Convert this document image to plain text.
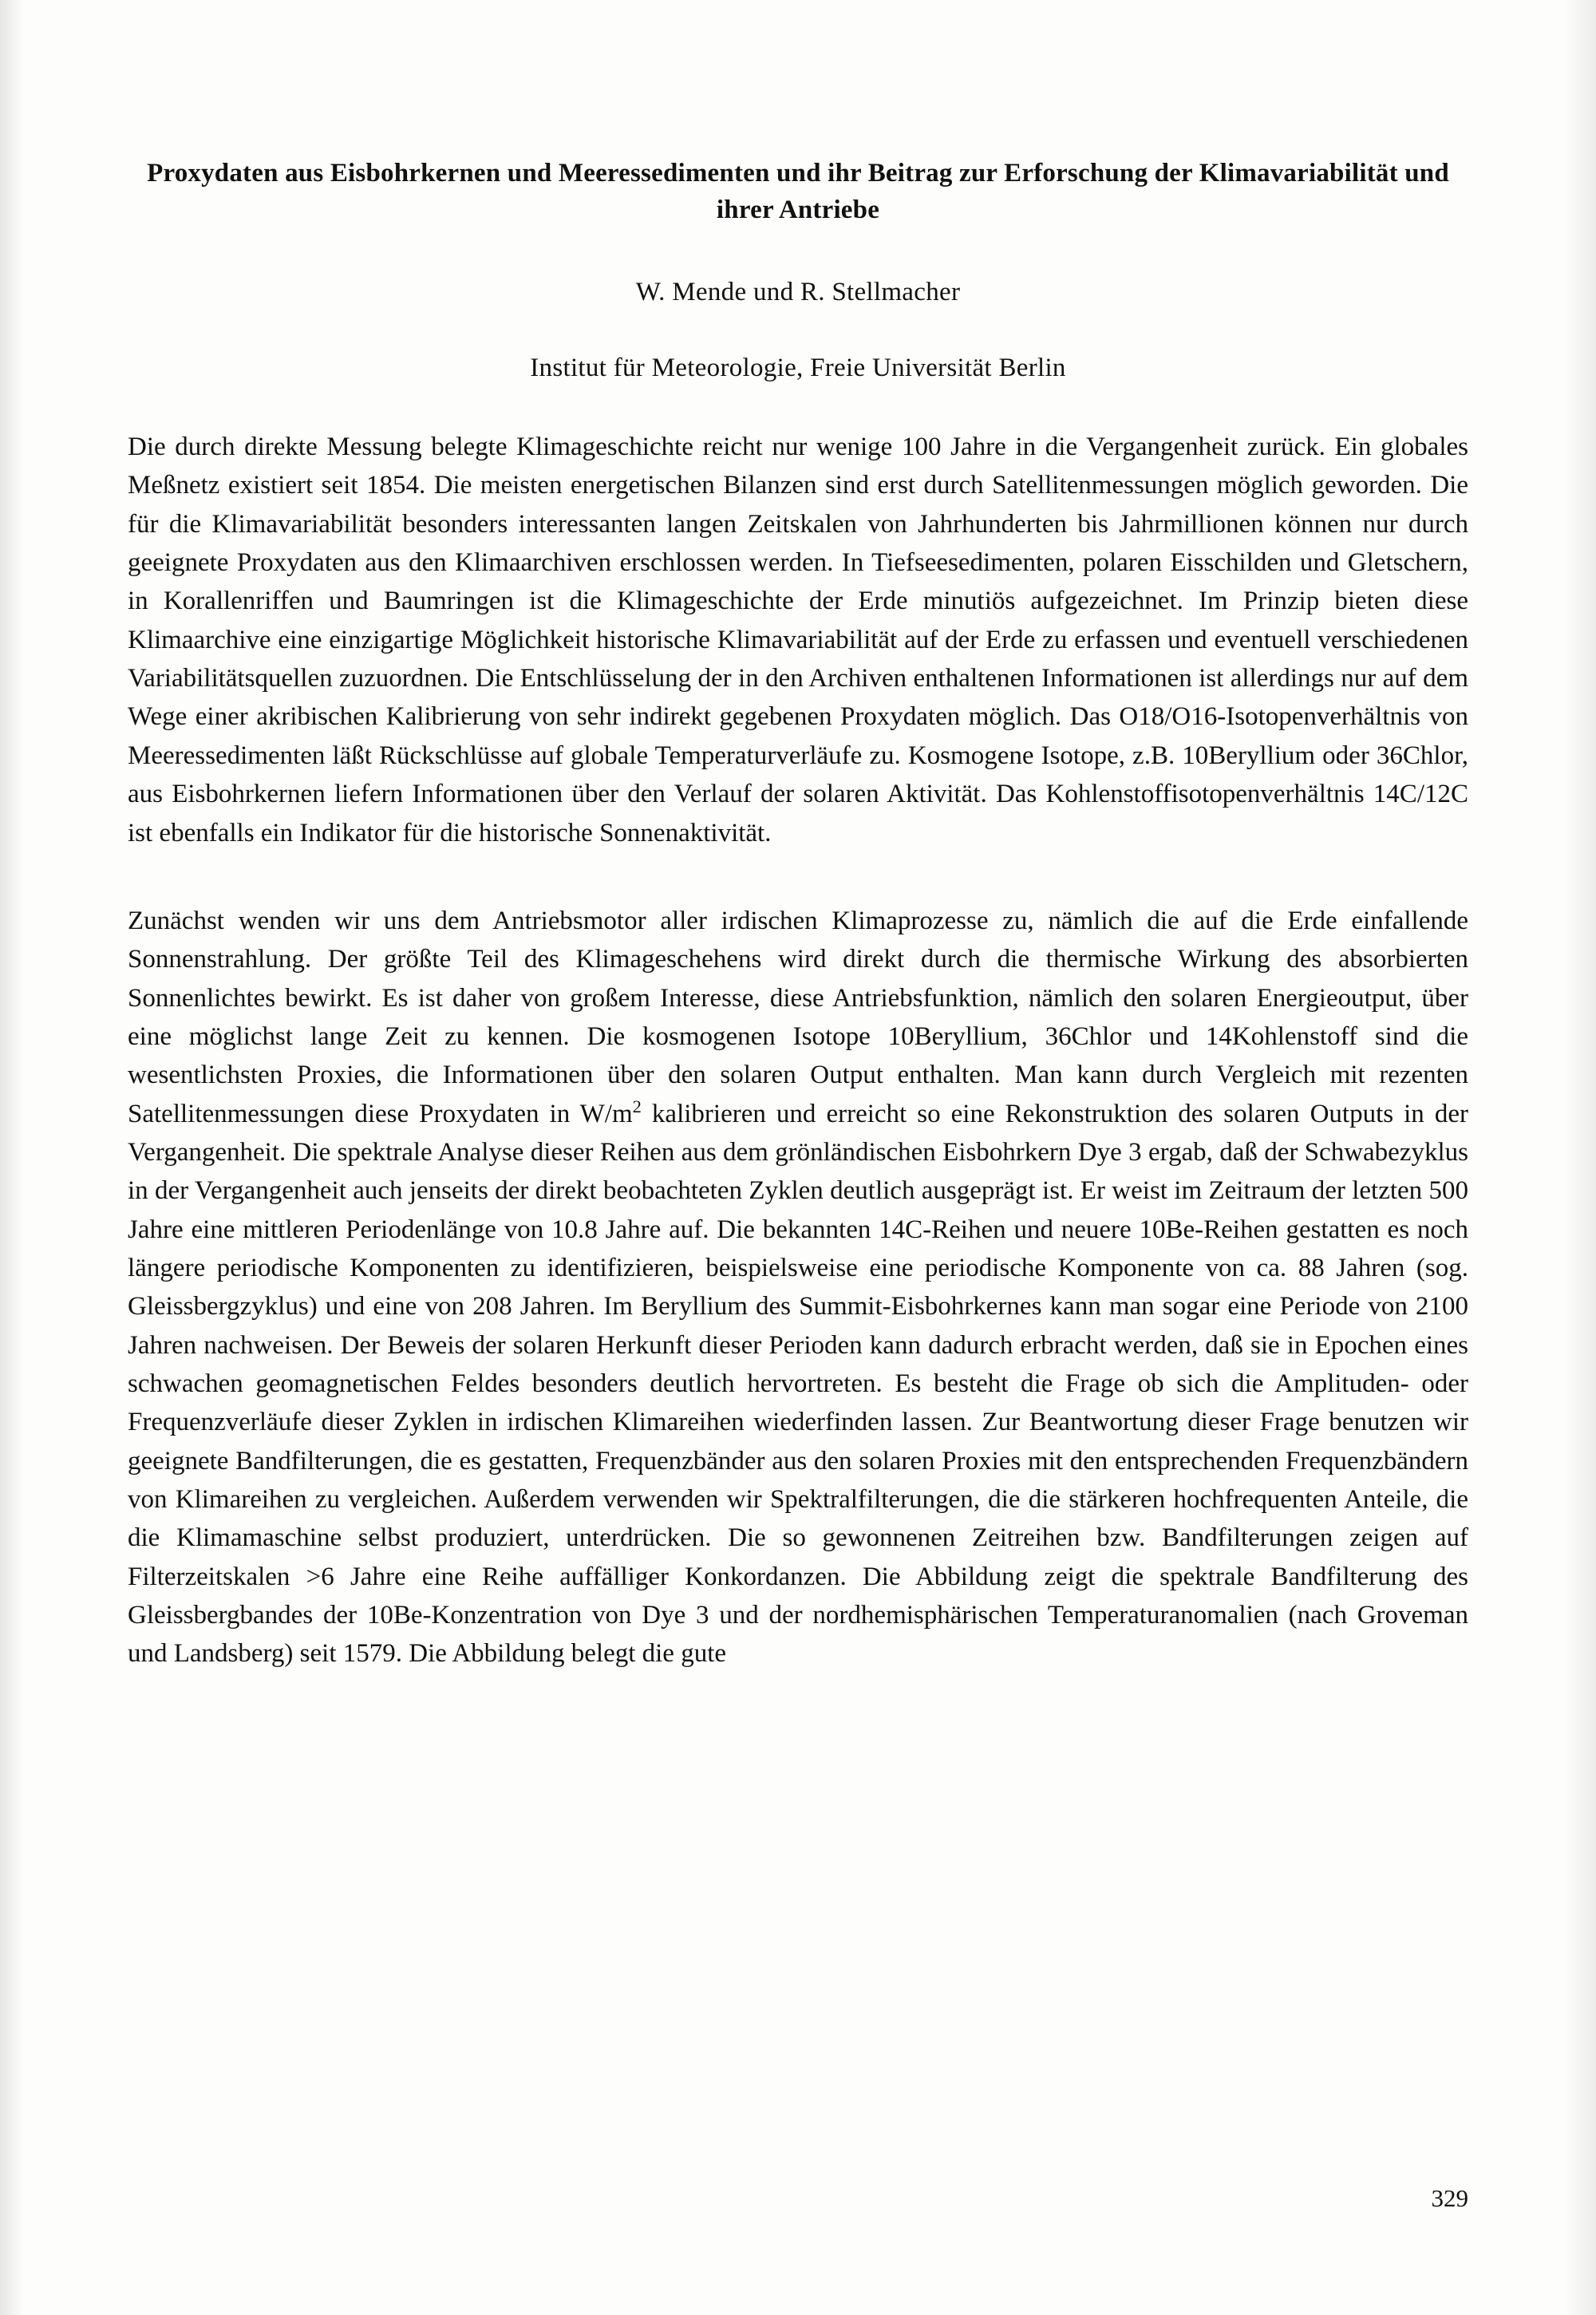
Proxydaten aus Eisbohrkernen und Meeressedimenten und ihr Beitrag zur Erforschung der Klimavariabilität und ihrer Antriebe
W. Mende und R. Stellmacher
Institut für Meteorologie, Freie Universität Berlin

Die durch direkte Messung belegte Klimageschichte reicht nur wenige 100 Jahre in die Vergangenheit zurück. Ein globales Meßnetz existiert seit 1854. Die meisten energetischen Bilanzen sind erst durch Satellitenmessungen möglich geworden. Die für die Klimavariabilität besonders interessanten langen Zeitskalen von Jahrhunderten bis Jahrmillionen können nur durch geeignete Proxydaten aus den Klimaarchiven erschlossen werden. In Tiefseesedimenten, polaren Eisschilden und Gletschern, in Korallenriffen und Baumringen ist die Klimageschichte der Erde minutiös aufgezeichnet. Im Prinzip bieten diese Klimaarchive eine einzigartige Möglichkeit historische Klimavariabilität auf der Erde zu erfassen und eventuell verschiedenen Variabilitätsquellen zuzuordnen. Die Entschlüsselung der in den Archiven enthaltenen Informationen ist allerdings nur auf dem Wege einer akribischen Kalibrierung von sehr indirekt gegebenen Proxydaten möglich. Das O18/O16-Isotopenverhältnis von Meeressedimenten läßt Rückschlüsse auf globale Temperaturverläufe zu. Kosmogene Isotope, z.B. 10Beryllium oder 36Chlor, aus Eisbohrkernen liefern Informationen über den Verlauf der solaren Aktivität. Das Kohlenstoffisotopenverhältnis 14C/12C ist ebenfalls ein Indikator für die historische Sonnenaktivität.

Zunächst wenden wir uns dem Antriebsmotor aller irdischen Klimaprozesse zu, nämlich die auf die Erde einfallende Sonnenstrahlung. Der größte Teil des Klimageschehens wird direkt durch die thermische Wirkung des absorbierten Sonnenlichtes bewirkt. Es ist daher von großem Interesse, diese Antriebsfunktion, nämlich den solaren Energieoutput, über eine möglichst lange Zeit zu kennen. Die kosmogenen Isotope 10Beryllium, 36Chlor und 14Kohlenstoff sind die wesentlichsten Proxies, die Informationen über den solaren Output enthalten. Man kann durch Vergleich mit rezenten Satellitenmessungen diese Proxydaten in $W/m^2$ kalibrieren und erreicht so eine Rekonstruktion des solaren Outputs in der Vergangenheit. Die spektrale Analyse dieser Reihen aus dem grönländischen Eisbohrkern Dye 3 ergab, daß der Schwabezyklus in der Vergangenheit auch jenseits der direkt beobachteten Zyklen deutlich ausgeprägt ist. Er weist im Zeitraum der letzten 500 Jahre eine mittleren Periodenlänge von 10.8 Jahre auf. Die bekannten 14C-Reihen und neuere 10Be-Reihen gestatten es noch längere periodische Komponenten zu identifizieren, beispielsweise eine periodische Komponente von ca. 88 Jahren (sog. Gleissbergzyklus) und eine von 208 Jahren. Im Beryllium des Summit-Eisbohrkernes kann man sogar eine Periode von 2100 Jahren nachweisen. Der Beweis der solaren Herkunft dieser Perioden kann dadurch erbracht werden, daß sie in Epochen eines schwachen geomagnetischen Feldes besonders deutlich hervortreten. Es besteht die Frage ob sich die Amplituden- oder Frequenzverläufe dieser Zyklen in irdischen Klimareihen wiederfinden lassen. Zur Beantwortung dieser Frage benutzen wir geeignete Bandfilterungen, die es gestatten, Frequenzbänder aus den solaren Proxies mit den entsprechenden Frequenzbändern von Klimareihen zu vergleichen. Außerdem verwenden wir Spektralfilterungen, die die stärkeren hochfrequenten Anteile, die die Klimamaschine selbst produziert, unterdrücken. Die so gewonnenen Zeitreihen bzw. Bandfilterungen zeigen auf Filterzeitskalen >6 Jahre eine Reihe auffälliger Konkordanzen. Die Abbildung zeigt die spektrale Bandfilterung des Gleissbergbandes der 10Be-Konzentration von Dye 3 und der nordhemisphärischen Temperaturanomalien (nach Groveman und Landsberg) seit 1579. Die Abbildung belegt die gute

329
